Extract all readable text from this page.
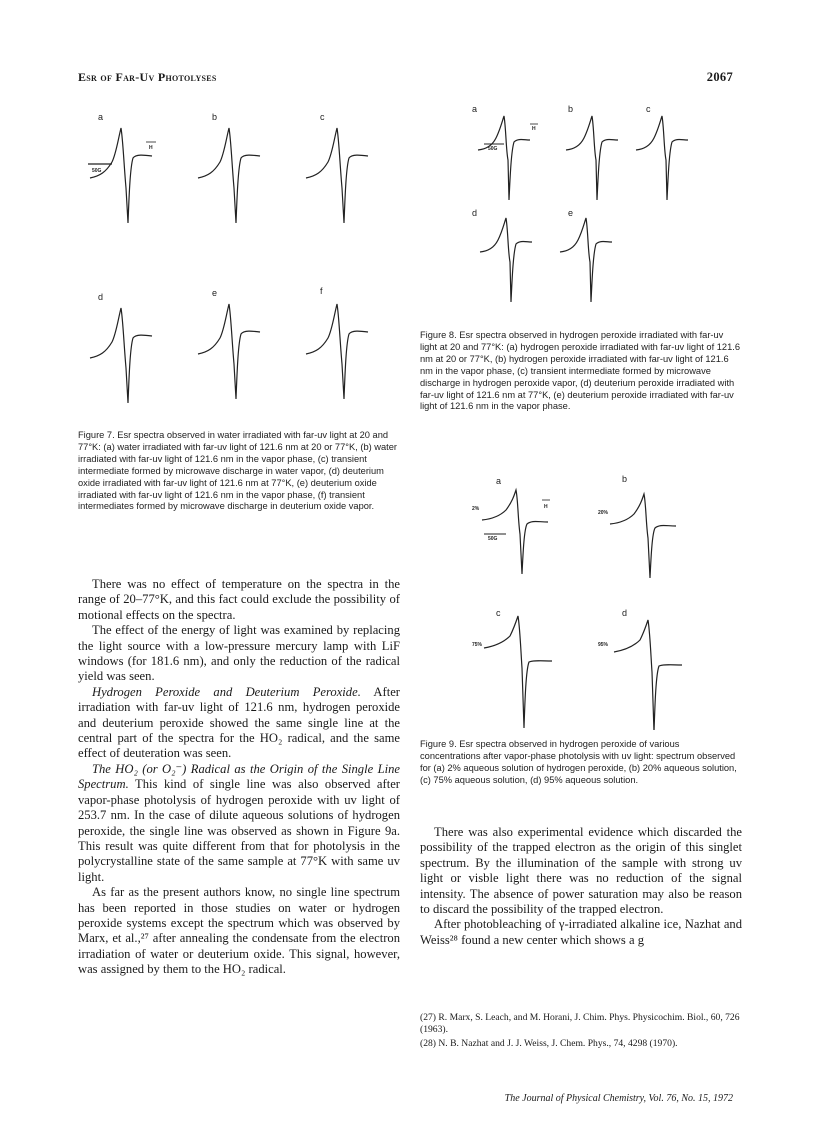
Esr of Far-Uv Photolyses	2067
a
50G
H
b	c
d	e	f
Figure 7. Esr spectra observed in water irradiated with far-uv light at 20 and 77°K: (a) water irradiated with far-uv light of 121.6 nm at 20 or 77°K, (b) water irradiated with far-uv light of 121.6 nm in the vapor phase, (c) transient intermediate formed by microwave discharge in water vapor, (d) deuterium oxide irradiated with far-uv light of 121.6 nm at 77°K, (e) deuterium oxide irradiated with far-uv light of 121.6 nm in the vapor phase, (f) transient intermediates formed by microwave discharge in deuterium oxide vapor.
a
50G
H
b	c
d	e
Figure 8. Esr spectra observed in hydrogen peroxide irradiated with far-uv light at 20 and 77°K: (a) hydrogen peroxide irradiated with far-uv light of 121.6 nm at 20 or 77°K, (b) hydrogen peroxide irradiated with far-uv light of 121.6 nm in the vapor phase, (c) transient intermediate formed by microwave discharge in hydrogen peroxide vapor, (d) deuterium peroxide irradiated with far-uv light of 121.6 nm at 77°K, (e) deuterium peroxide irradiated with far-uv light of 121.6 nm in the vapor phase.
a
2%
50G
H
b
20%
c
75%
d
95%
Figure 9. Esr spectra observed in hydrogen peroxide of various concentrations after vapor-phase photolysis with uv light: spectrum observed for (a) 2% aqueous solution of hydrogen peroxide, (b) 20% aqueous solution, (c) 75% aqueous solution, (d) 95% aqueous solution.

There was no effect of temperature on the spectra in the range of 20–77°K, and this fact could exclude the possibility of motional effects on the spectra.

The effect of the energy of light was examined by replacing the light source with a low-pressure mercury lamp with LiF windows (for 181.6 nm), and only the reduction of the radical yield was seen.

Hydrogen Peroxide and Deuterium Peroxide. After irradiation with far-uv light of 121.6 nm, hydrogen peroxide and deuterium peroxide showed the same single line at the central part of the spectra for the HO₂ radical, and the same effect of deuteration was seen.

The HO₂ (or O₂⁻) Radical as the Origin of the Single Line Spectrum. This kind of single line was also observed after vapor-phase photolysis of hydrogen peroxide with uv light of 253.7 nm. In the case of dilute aqueous solutions of hydrogen peroxide, the single line was observed as shown in Figure 9a. This result was quite different from that for photolysis in the polycrystalline state of the same sample at 77°K with same uv light.

As far as the present authors know, no single line spectrum has been reported in those studies on water or hydrogen peroxide systems except the spectrum which was observed by Marx, et al.,²⁷ after annealing the condensate from the electron irradiation of water or deuterium oxide. This signal, however, was assigned by them to the HO₂ radical.

There was also experimental evidence which discarded the possibility of the trapped electron as the origin of this singlet spectrum. By the illumination of the sample with strong uv light or visble light there was no reduction of the signal intensity. The absence of power saturation may also be reason to discard the possibility of the trapped electron.

After photobleaching of γ-irradiated alkaline ice, Nazhat and Weiss²⁸ found a new center which shows a g

(27) R. Marx, S. Leach, and M. Horani, J. Chim. Phys. Physicochim. Biol., 60, 726 (1963).

(28) N. B. Nazhat and J. J. Weiss, J. Chem. Phys., 74, 4298 (1970).

The Journal of Physical Chemistry, Vol. 76, No. 15, 1972
